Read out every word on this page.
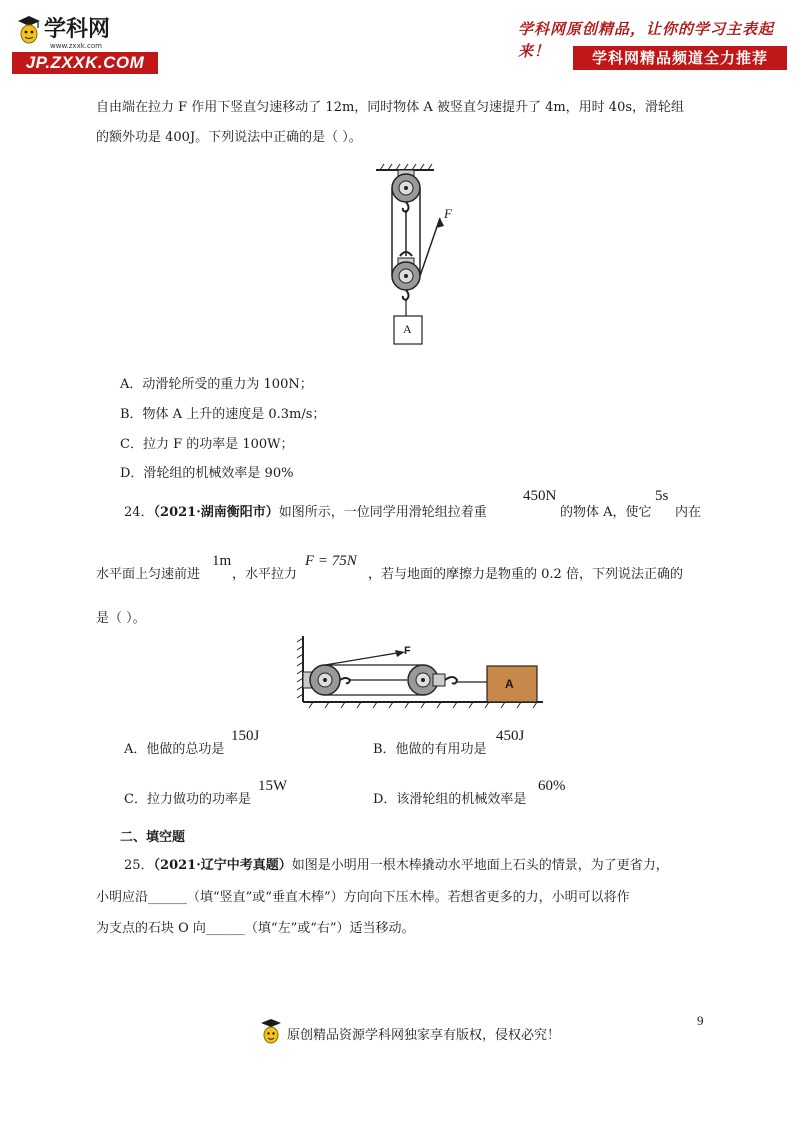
学科网
www.zxxk.com
JP.ZXXK.COM
学科网原创精品，让你的学习主表起来！	学科网精品频道全力推荐
自由端在拉力 F 作用下竖直匀速移动了 12m，同时物体 A 被竖直匀速提升了 4m，用时 40s，滑轮组
的额外功是 400J。下列说法中正确的是（ ）。
F
A
A．动滑轮所受的重力为 100N；
B．物体 A 上升的速度是 0.3m/s；
C．拉力 F 的功率是 100W；
D．滑轮组的机械效率是 90%
24．（2021·湖南衡阳市）如图所示，一位同学用滑轮组拉着重
450N
的物体 A，使它
5s
内在
水平面上匀速前进
1m
，水平拉力
F = 75N
，若与地面的摩擦力是物重的 0.2 倍，下列说法正确的
是（ ）。
F
A
A．他做的总功是
150J
B．他做的有用功是
450J
C．拉力做功的功率是
15W
D．该滑轮组的机械效率是
60%
二、填空题
25．（2021·辽宁中考真题）如图是小明用一根木棒撬动水平地面上石头的情景，为了更省力，
小明应沿______（填“竖直”或“垂直木棒”）方向向下压木棒。若想省更多的力，小明可以将作
为支点的石块 O 向______（填“左”或“右”）适当移动。
9
原创精品资源学科网独家享有版权，侵权必究！
